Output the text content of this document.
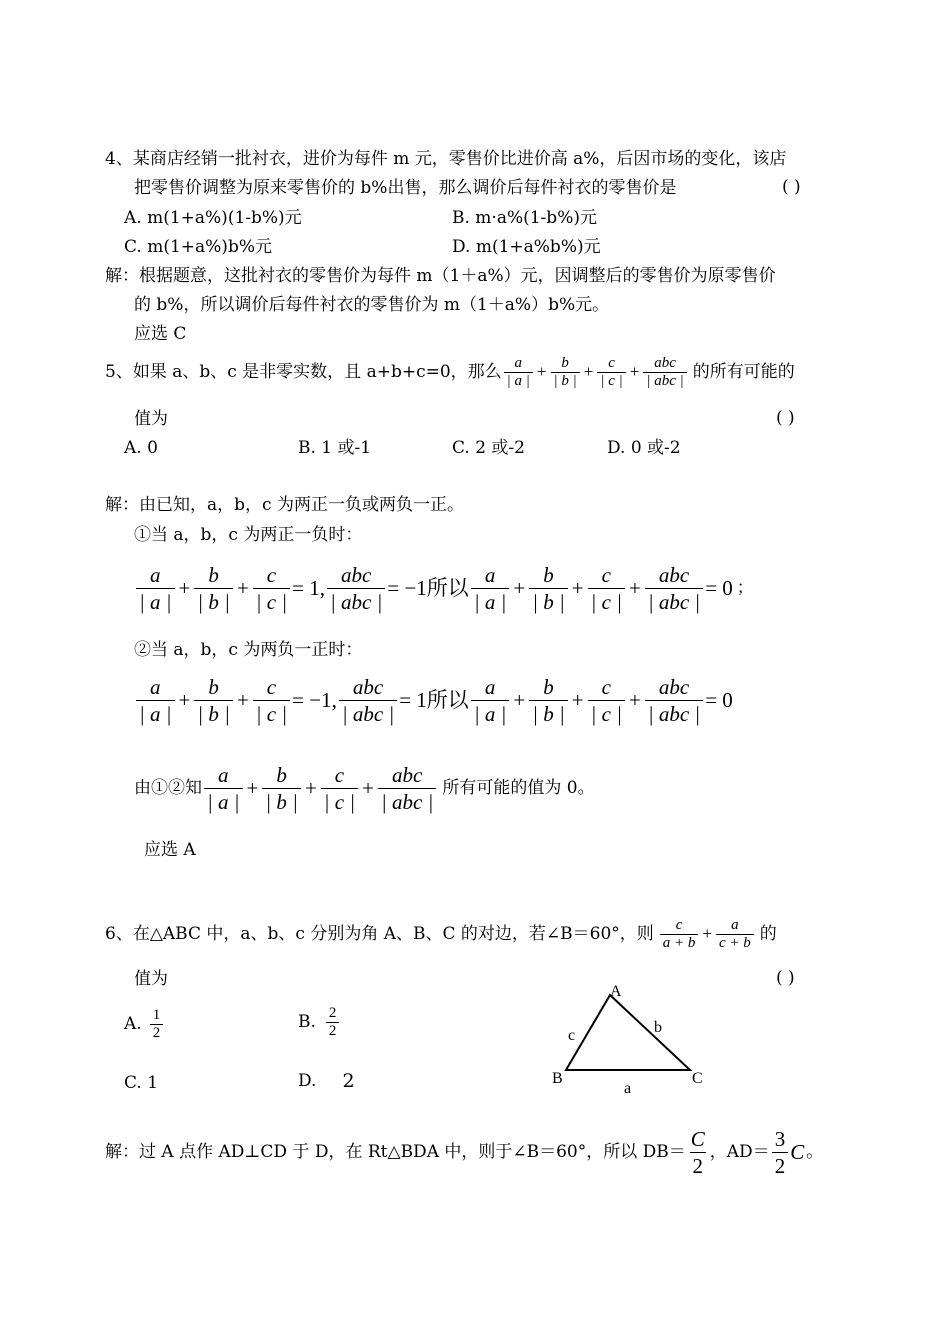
4、某商店经销一批衬衣，进价为每件 m 元，零售价比进价高 a%，后因市场的变化，该店
把零售价调整为原来零售价的 b%出售，那么调价后每件衬衣的零售价是	( )
A. m(1+a%)(1-b%)元	B. m·a%(1-b%)元
C. m(1+a%)b%元	D. m(1+a%b%)元
解：根据题意，这批衬衣的零售价为每件 m（1＋a%）元，因调整后的零售价为原零售价
的 b%，所以调价后每件衬衣的零售价为 m（1＋a%）b%元。
应选 C
5、如果 a、b、c 是非零实数，且 a+b+c=0，那么 $\frac{a}{| a |} + \frac{b}{| b |} + \frac{c}{| c |} + \frac{\text{abc}}{\text{| abc |}}$ 的所有可能的
值为	( )
A. 0	B. 1 或-1	C. 2 或-2	D. 0 或-2
解：由已知，a，b，c 为两正一负或两负一正。
①当 a，b，c 为两正一负时：
$\frac{a}{| a |} + \frac{b}{| b |} + \frac{c}{| c |} = 1$, $\frac{\text{abc}}{\text{| abc |}} = -1$所以 $\frac{a}{| a |} + \frac{b}{| b |} + \frac{c}{| c |} + \frac{\text{abc}}{\text{| abc |}} = 0$ ；
②当 a，b，c 为两负一正时：
$\frac{a}{| a |} + \frac{b}{| b |} + \frac{c}{| c |} = -1$, $\frac{\text{abc}}{\text{| abc |}} = 1$所以 $\frac{a}{| a |} + \frac{b}{| b |} + \frac{c}{| c |} + \frac{\text{abc}}{\text{| abc |}} = 0$
由①②知 $\frac{a}{| a |} + \frac{b}{| b |} + \frac{c}{| c |} + \frac{\text{abc}}{\text{| abc |}}$ 所有可能的值为 0。
应选 A
6、在△ABC 中，a、b、c 分别为角 A、B、C 的对边，若∠B＝60°，则 $\frac{c}{a + b} + \frac{a}{c + b}$ 的
值为	( )
A. $\frac{1}{2}$	B. $\frac{2}{2}$
C. 1	D. 2
A
B	C
c	b
a
解：过 A 点作 AD⊥CD 于 D，在 Rt△BDA 中，则于∠B＝60°，所以 $DB= \frac{C}{2}$ ，$AD= \frac{3}{2}$ C 。
